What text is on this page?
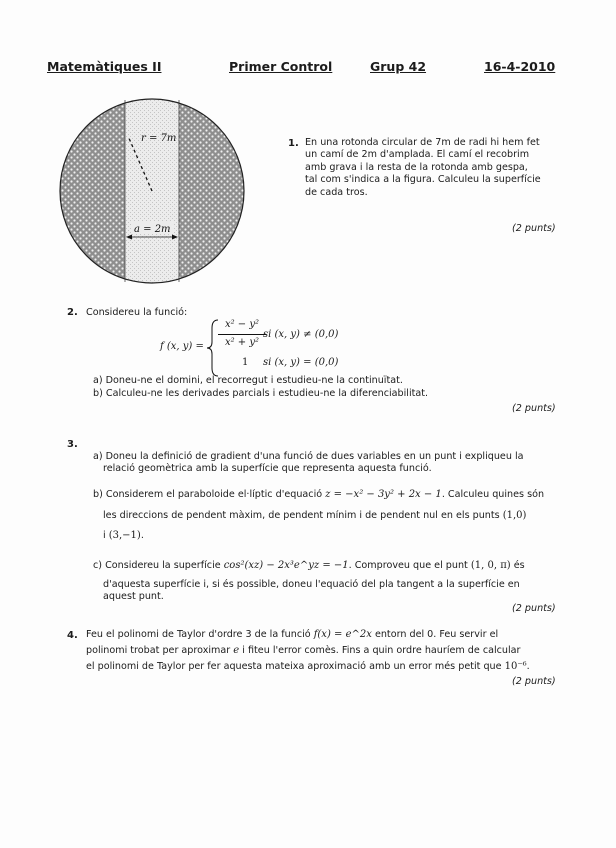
Matemàtiques II	Primer Control	Grup 42	16-4-2010
r = 7m
a = 2m
1. En una rotonda circular de 7m de radi hi hem fet
un camí de 2m d'amplada. El camí el recobrim
amb grava i la resta de la rotonda amb gespa,
tal com s'indica a la figura. Calculeu la superfície
de cada tros.
(2 punts)
2. Considereu la funció:
f (x, y) =
x² − y²
x² + y²
si (x, y) ≠ (0,0)
1 si (x, y) = (0,0)
a) Doneu-ne el domini, el recorregut i estudieu-ne la continuïtat.
b) Calculeu-ne les derivades parcials i estudieu-ne la diferenciabilitat.
(2 punts)
3.
a) Doneu la definició de gradient d'una funció de dues variables en un punt i expliqueu la
relació geomètrica amb la superfície que representa aquesta funció.
b) Considerem el paraboloide el·líptic d'equació z = −x² − 3y² + 2x − 1. Calculeu quines són
les direccions de pendent màxim, de pendent mínim i de pendent nul en els punts (1,0)
i (3,−1).
c) Considereu la superfície cos²(xz) − 2x³e^yz = −1. Comproveu que el punt (1, 0, π) és
d'aquesta superfície i, si és possible, doneu l'equació del pla tangent a la superfície en
aquest punt.
(2 punts)
4. Feu el polinomi de Taylor d'ordre 3 de la funció f(x) = e^2x entorn del 0. Feu servir el
polinomi trobat per aproximar e i fiteu l'error comès. Fins a quin ordre hauríem de calcular
el polinomi de Taylor per fer aquesta mateixa aproximació amb un error més petit que 10⁻⁶.
(2 punts)
